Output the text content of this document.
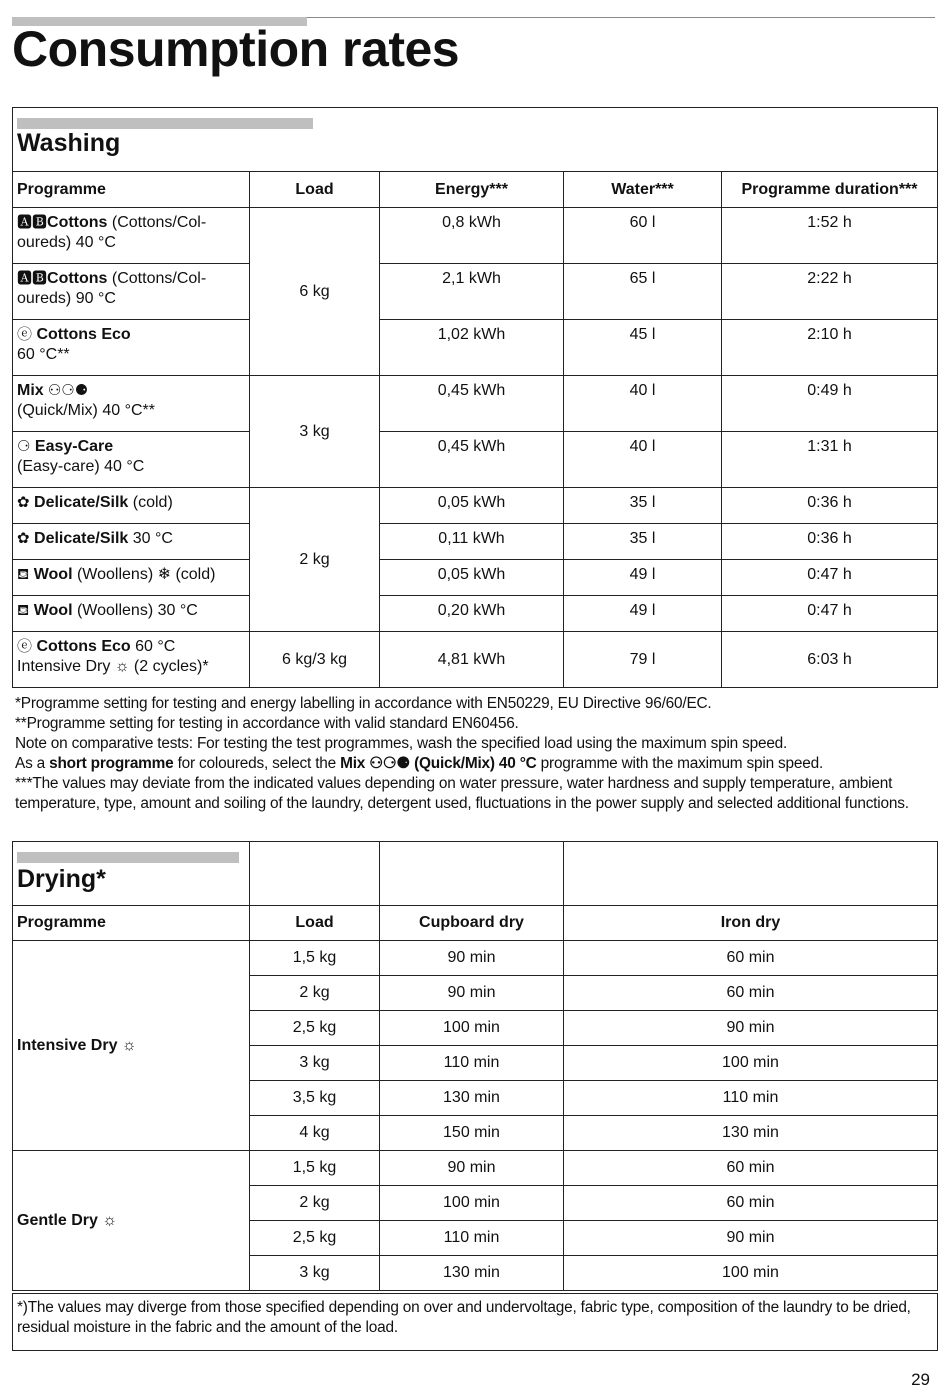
Consumption rates
Washing				

Programme	Load	Energy***	Water***	Programme duration***
🅰🅱Cottons (Cottons/Col-
oureds) 40 °C	6 kg	0,8 kWh	60 l	1:52 h
🅰🅱Cottons (Cottons/Col-
oureds) 90 °C		2,1 kWh	65 l	2:22 h
ⓔ Cottons Eco
60 °C**		1,02 kWh	45 l	2:10 h
Mix ⚇⚆⚈
(Quick/Mix) 40 °C**	3 kg	0,45 kWh	40 l	0:49 h
⚆ Easy-Care
(Easy-care) 40 °C		0,45 kWh	40 l	1:31 h
✿ Delicate/Silk (cold)	2 kg	0,05 kWh	35 l	0:36 h
✿ Delicate/Silk 30 °C		0,11 kWh	35 l	0:36 h
⛾ Wool (Woollens) ❄ (cold)		0,05 kWh	49 l	0:47 h
⛾ Wool (Woollens) 30 °C		0,20 kWh	49 l	0:47 h
ⓔ Cottons Eco 60 °C
Intensive Dry ☼ (2 cycles)*	6 kg/3 kg	4,81 kWh	79 l	6:03 h
*Programme setting for testing and energy labelling in accordance with EN50229, EU Directive 96/60/EC.
**Programme setting for testing in accordance with valid standard EN60456.
Note on comparative tests: For testing the test programmes, wash the specified load using the maximum spin speed.
As a short programme for coloureds, select the Mix ⚇⚆⚈ (Quick/Mix) 40 °C programme with the maximum spin speed.
***The values may deviate from the indicated values depending on water pressure, water hardness and supply temperature, ambient temperature, type, amount and soiling of the laundry, detergent used, fluctuations in the power supply and selected additional functions.
Drying*			

Programme	Load	Cupboard dry	Iron dry
Intensive Dry ☼	1,5 kg	90 min	60 min
	2 kg	90 min	60 min
	2,5 kg	100 min	90 min
	3 kg	110 min	100 min
	3,5 kg	130 min	110 min
	4 kg	150 min	130 min
Gentle Dry ☼	1,5 kg	90 min	60 min
	2 kg	100 min	60 min
	2,5 kg	110 min	90 min
	3 kg	130 min	100 min
*)The values may diverge from those specified depending on over and undervoltage, fabric type, composition of the laundry to be dried, residual moisture in the fabric and the amount of the load.
29
